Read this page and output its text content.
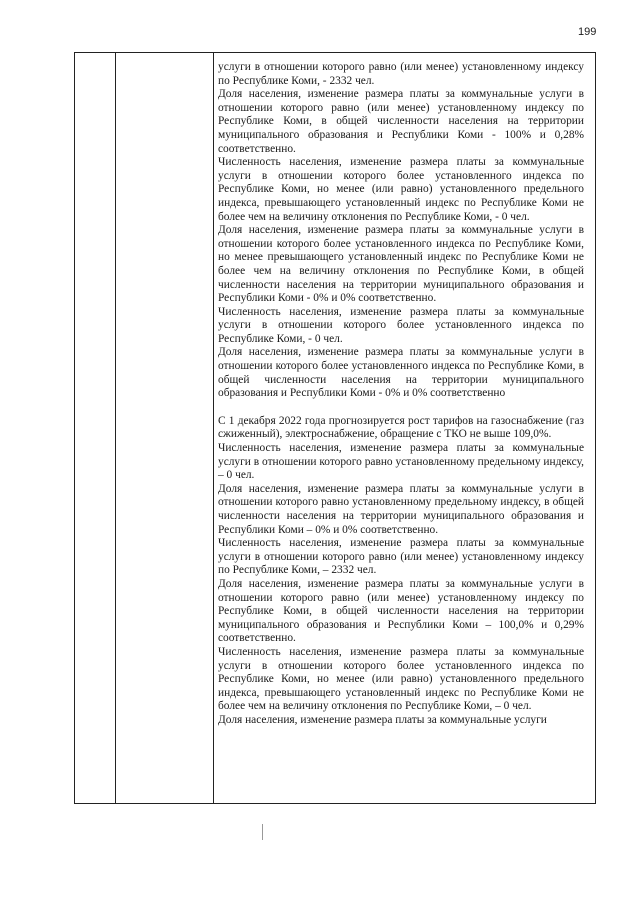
199

услуги в отношении которого равно (или менее) установленному индексу по Республике Коми, - 2332 чел.

Доля населения, изменение размера платы за коммунальные услуги в отношении которого равно (или менее) установленному индексу по Республике Коми, в общей численности населения на территории муниципального образования и Республики Коми - 100% и 0,28% соответственно.

Численность населения, изменение размера платы за коммунальные услуги в отношении которого более установленного индекса по Республике Коми, но менее (или равно) установленного предельного индекса, превышающего установленный индекс по Республике Коми не более чем на величину отклонения по Республике Коми, - 0 чел.

Доля населения, изменение размера платы за коммунальные услуги в отношении которого более установленного индекса по Республике Коми, но менее превышающего установленный индекс по Республике Коми не более чем на величину отклонения по Республике Коми, в общей численности населения на территории муниципального образования и Республики Коми - 0% и 0% соответственно.

Численность населения, изменение размера платы за коммунальные услуги в отношении которого более установленного индекса по Республике Коми, - 0 чел.

Доля населения, изменение размера платы за коммунальные услуги в отношении которого более установленного индекса по Республике Коми, в общей численности населения на территории муниципального образования и Республики Коми - 0% и 0% соответственно

С 1 декабря 2022 года прогнозируется рост тарифов на газоснабжение (газ сжиженный), электроснабжение, обращение с ТКО не выше 109,0%.

Численность населения, изменение размера платы за коммунальные услуги в отношении которого равно установленному предельному индексу, – 0 чел.

Доля населения, изменение размера платы за коммунальные услуги в отношении которого равно установленному предельному индексу, в общей численности населения на территории муниципального образования и Республики Коми – 0% и 0% соответственно.

Численность населения, изменение размера платы за коммунальные услуги в отношении которого равно (или менее) установленному индексу по Республике Коми, – 2332 чел.

Доля населения, изменение размера платы за коммунальные услуги в отношении которого равно (или менее) установленному индексу по Республике Коми, в общей численности населения на территории муниципального образования и Республики Коми – 100,0% и 0,29% соответственно.

Численность населения, изменение размера платы за коммунальные услуги в отношении которого более установленного индекса по Республике Коми, но менее (или равно) установленного предельного индекса, превышающего установленный индекс по Республике Коми не более чем на величину отклонения по Республике Коми, – 0 чел.

Доля населения, изменение размера платы за коммунальные услуги
